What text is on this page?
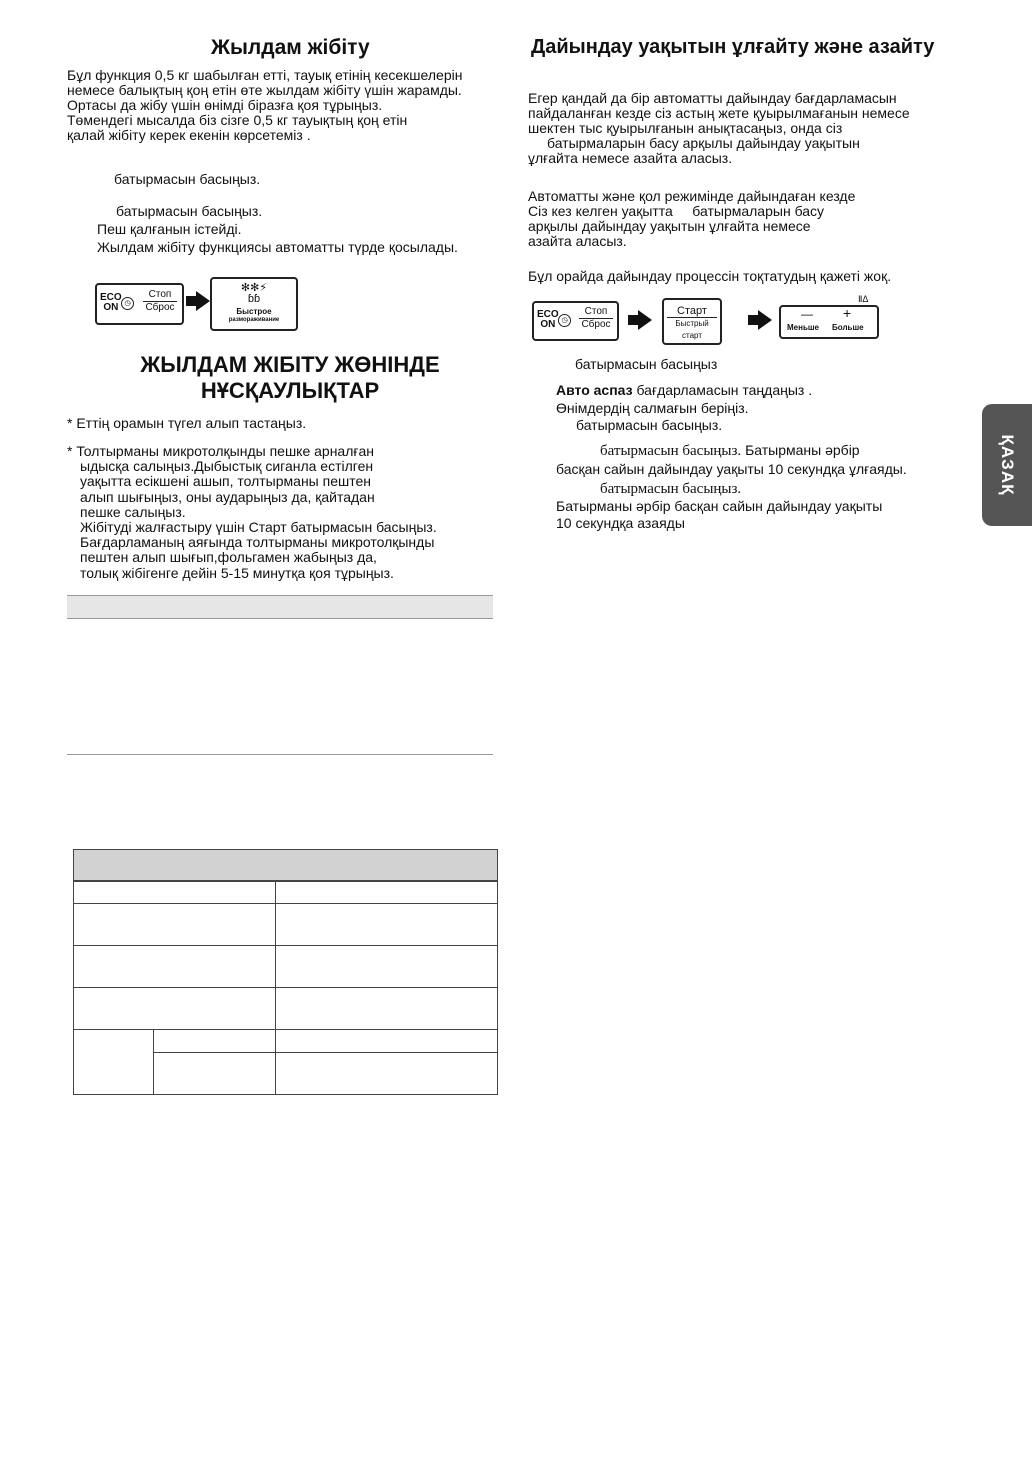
Жылдам жібіту
Бұл функция 0,5 кг шабылған етті, тауық етінің кесекшелерін
немесе балықтың қоң етін өте жылдам жібіту үшін жарамды.
Ортасы да жібу үшін өнімді біразға қоя тұрыңыз.
Төмендегі мысалда біз сізге 0,5 кг тауықтың қоң етін
қалай жібіту керек екенін көрсетеміз .
батырмасын басыңыз.
батырмасын басыңыз.
Пеш қалғанын істейді.
Жылдам жібіту функциясы автоматты түрде қосылады.
ECO
ON ◷
Стоп
Сброс
✻✻⚡
ɓɓ
Быстрое
размораживание
ЖЫЛДАМ ЖІБІТУ ЖӨНІНДЕ
НҰСҚАУЛЫҚТАР
* Еттің орамын түгел алып тастаңыз.
* Толтырманы микротолқынды пешке арналған
ыдысқа салыңыз.Дыбыстық сиганла естілген
уақытта есікшені ашып, толтырманы пештен
алып шығыңыз, оны аударыңыз да, қайтадан
пешке салыңыз.
Жібітуді жалғастыру үшін Старт батырмасын басыңыз.
Бағдарламаның аяғында толтырманы микротолқынды
пештен алып шығып,фольгамен жабыңыз да,
толық жібігенге дейін 5-15 минутқа қоя тұрыңыз.

Дайындау уақытын ұлғайту және азайту
Егер қандай да бір автоматты дайындау бағдарламасын
пайдаланған кезде сіз астың жете қуырылмағанын немесе
шектен тыс қуырылғанын анықтасаңыз, онда сіз
батырмаларын басу арқылы дайындау уақытын
ұлғайта немесе азайта аласыз.
Автоматты және қол режимінде дайындаған кезде
Сіз кез келген уақытта     батырмаларын басу
арқылы дайындау уақытын ұлғайта немесе
азайта аласыз.
Бұл орайда дайындау процессін тоқтатудың қажеті жоқ.
ECO
ON ◷
Стоп
Сброс
Старт
Быстрый старт
ⅡΔ
— +
Меньше Больше
батырмасын басыңыз
Авто аспаз бағдарламасын таңдаңыз .
Өнімдердің салмағын беріңіз.
батырмасын басыңыз.
батырмасын басыңыз. Батырманы әрбір
басқан сайын дайындау уақыты 10 секундқа ұлғаяды.
батырмасын басыңыз.
Батырманы әрбір басқан сайын дайындау уақыты
10 секундқа азаяды
ҚАЗАҚ
